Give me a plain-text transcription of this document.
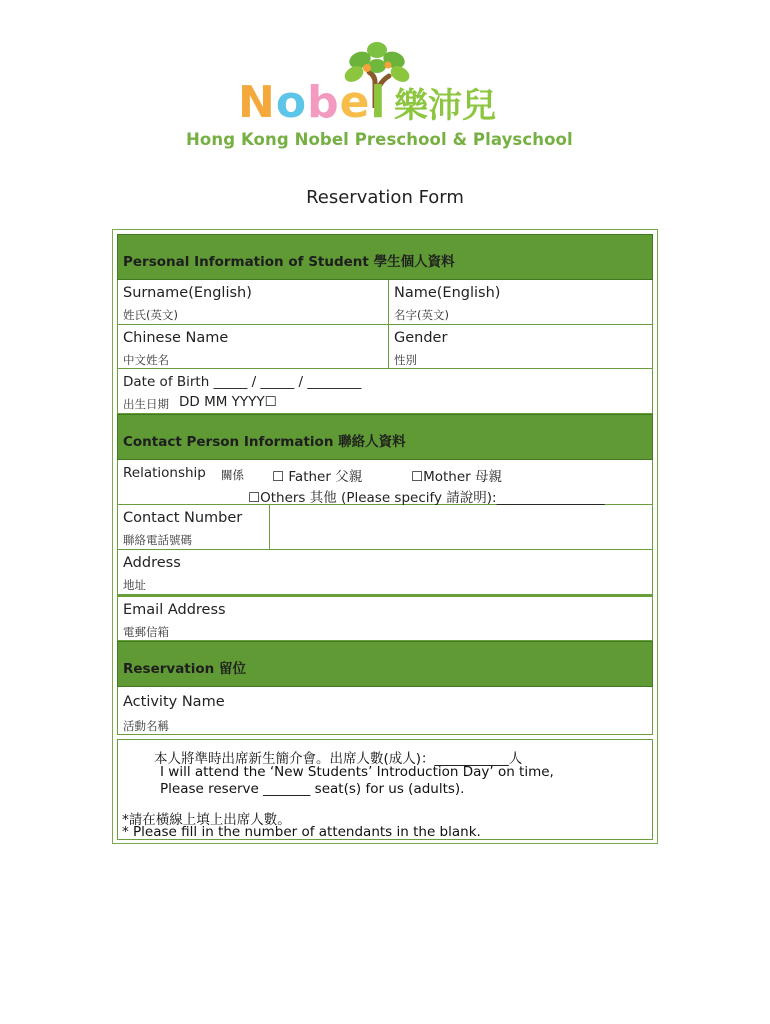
Nobel 樂沛兒
Hong Kong Nobel Preschool & Playschool
Reservation Form
Personal Information of Student 學生個人資料
Surname(English)
姓氏(英文)
Name(English)
名字(英文)
Chinese Name
中文姓名
Gender
性別
Date of Birth _____ / _____ / ________
出生日期 DD MM YYYY☐
Contact Person Information 聯絡人資料
Relationship 關係 ☐ Father 父親	☐Mother 母親
☐Others 其他 (Please specify 請說明):________________
Contact Number
聯絡電話號碼
Address
地址
Email Address
電郵信箱
Reservation 留位
Activity Name
活動名稱
本人將準時出席新生簡介會。出席人數(成人)：___________人
I will attend the ‘New Students’ Introduction Day’ on time,
Please reserve _______ seat(s) for us (adults).
*請在橫線上填上出席人數。
* Please fill in the number of attendants in the blank.
